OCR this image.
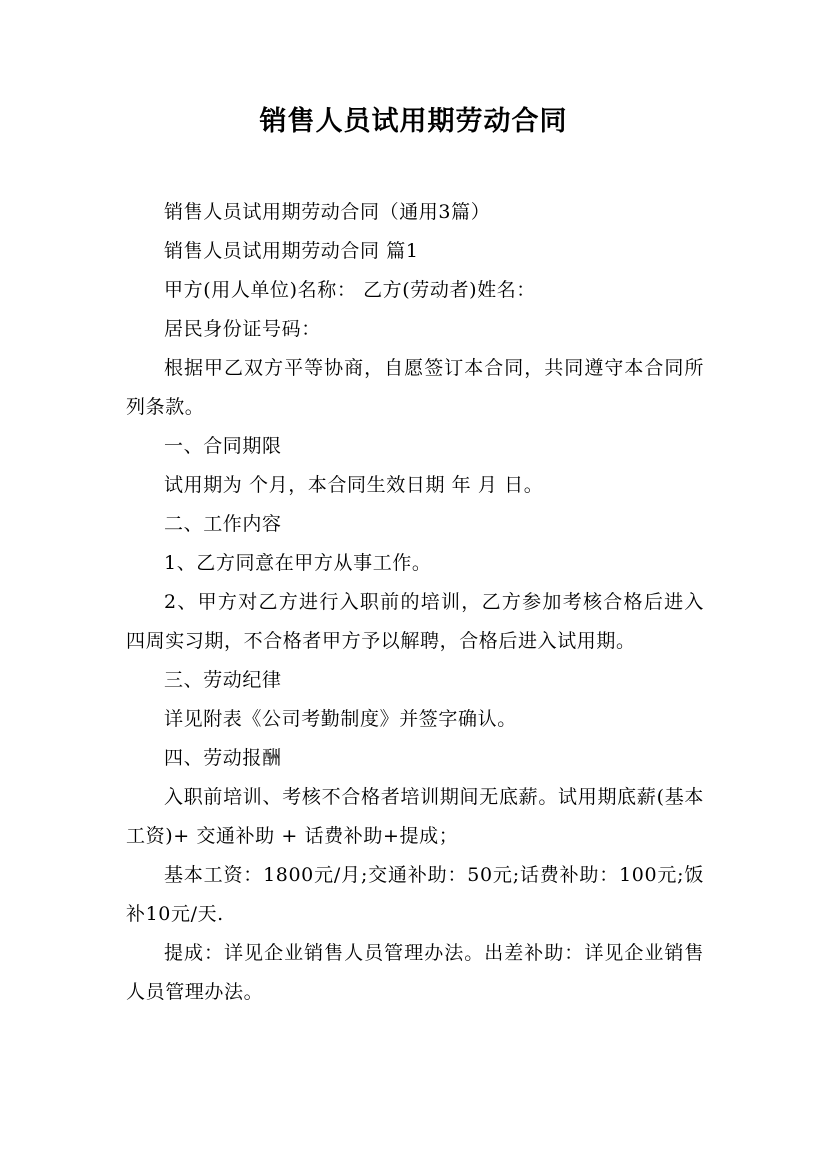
销售人员试用期劳动合同

销售人员试用期劳动合同（通用3篇）

销售人员试用期劳动合同 篇1

甲方(用人单位)名称： 乙方(劳动者)姓名：

居民身份证号码：

根据甲乙双方平等协商，自愿签订本合同，共同遵守本合同所列条款。

一、合同期限

试用期为 个月，本合同生效日期 年 月 日。

二、工作内容

1、乙方同意在甲方从事工作。

2、甲方对乙方进行入职前的培训，乙方参加考核合格后进入四周实习期，不合格者甲方予以解聘，合格后进入试用期。

三、劳动纪律

详见附表《公司考勤制度》并签字确认。

四、劳动报酬

入职前培训、考核不合格者培训期间无底薪。试用期底薪(基本工资)+ 交通补助 + 话费补助+提成；

基本工资：1800元/月;交通补助：50元;话费补助：100元;饭补10元/天.

提成：详见企业销售人员管理办法。出差补助：详见企业销售人员管理办法。
